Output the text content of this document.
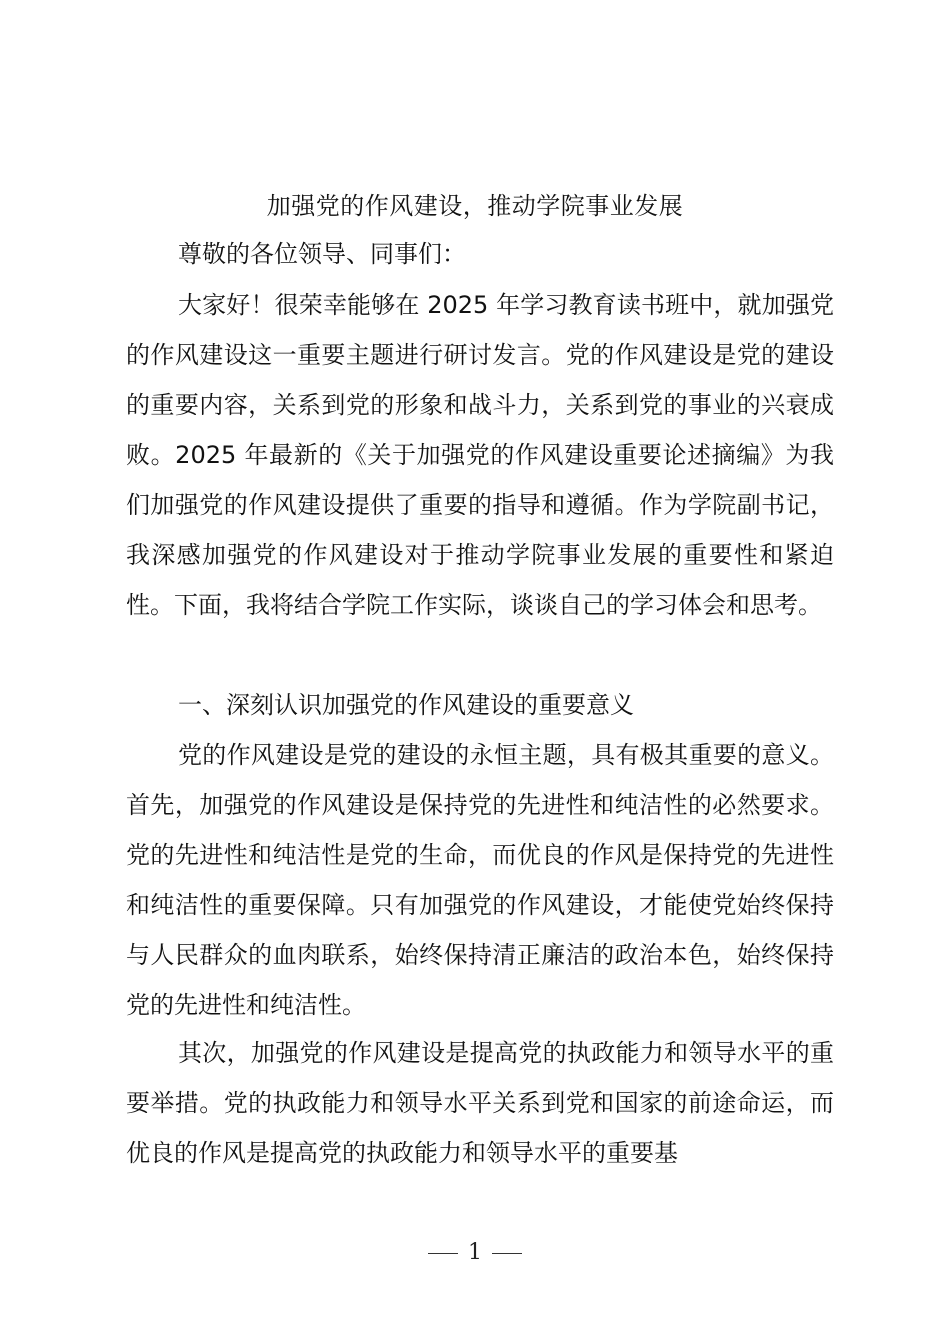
加强党的作风建设，推动学院事业发展

尊敬的各位领导、同事们：

大家好！很荣幸能够在 2025 年学习教育读书班中，就加强党的作风建设这一重要主题进行研讨发言。党的作风建设是党的建设的重要内容，关系到党的形象和战斗力，关系到党的事业的兴衰成败。2025 年最新的《关于加强党的作风建设重要论述摘编》为我们加强党的作风建设提供了重要的指导和遵循。作为学院副书记，我深感加强党的作风建设对于推动学院事业发展的重要性和紧迫性。下面，我将结合学院工作实际，谈谈自己的学习体会和思考。

一、深刻认识加强党的作风建设的重要意义

党的作风建设是党的建设的永恒主题，具有极其重要的意义。首先，加强党的作风建设是保持党的先进性和纯洁性的必然要求。党的先进性和纯洁性是党的生命，而优良的作风是保持党的先进性和纯洁性的重要保障。只有加强党的作风建设，才能使党始终保持与人民群众的血肉联系，始终保持清正廉洁的政治本色，始终保持党的先进性和纯洁性。

其次，加强党的作风建设是提高党的执政能力和领导水平的重要举措。党的执政能力和领导水平关系到党和国家的前途命运，而优良的作风是提高党的执政能力和领导水平的重要基

1
